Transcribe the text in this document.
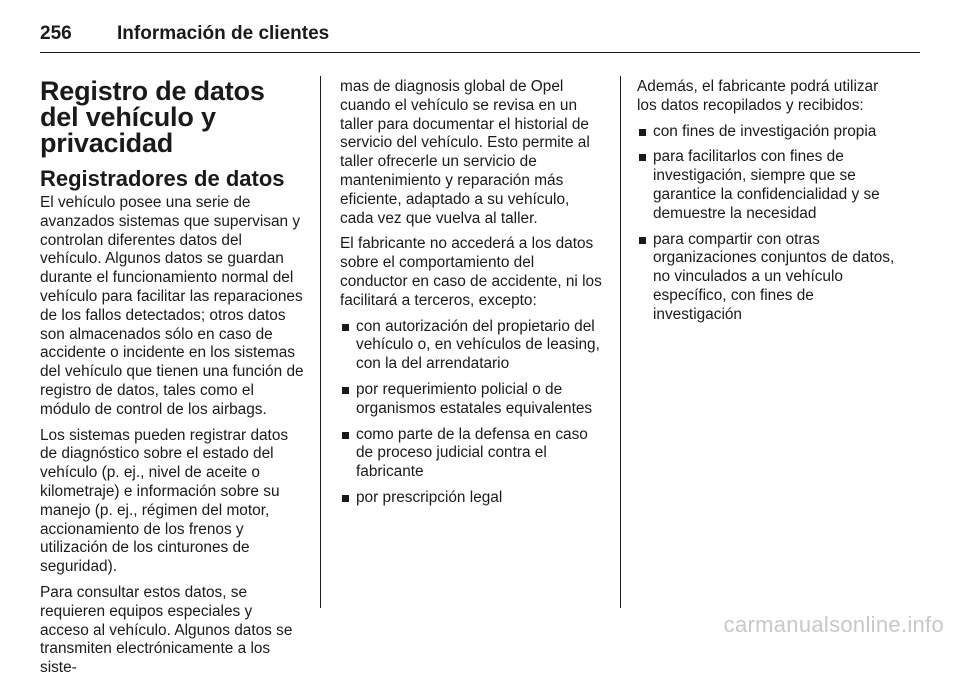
256	Información de clientes
Registro de datos del vehículo y privacidad
Registradores de datos

El vehículo posee una serie de avanzados sistemas que supervisan y controlan diferentes datos del vehículo. Algunos datos se guardan durante el funcionamiento normal del vehículo para facilitar las reparaciones de los fallos detectados; otros datos son almacenados sólo en caso de accidente o incidente en los sistemas del vehículo que tienen una función de registro de datos, tales como el módulo de control de los airbags.

Los sistemas pueden registrar datos de diagnóstico sobre el estado del vehículo (p. ej., nivel de aceite o kilometraje) e información sobre su manejo (p. ej., régimen del motor, accionamiento de los frenos y utilización de los cinturones de seguridad).

Para consultar estos datos, se requieren equipos especiales y acceso al vehículo. Algunos datos se transmiten electrónicamente a los siste-

mas de diagnosis global de Opel cuando el vehículo se revisa en un taller para documentar el historial de servicio del vehículo. Esto permite al taller ofrecerle un servicio de mantenimiento y reparación más eficiente, adaptado a su vehículo, cada vez que vuelva al taller.

El fabricante no accederá a los datos sobre el comportamiento del conductor en caso de accidente, ni los facilitará a terceros, excepto:

con autorización del propietario del vehículo o, en vehículos de leasing, con la del arrendatario
por requerimiento policial o de organismos estatales equivalentes
como parte de la defensa en caso de proceso judicial contra el fabricante
por prescripción legal

Además, el fabricante podrá utilizar los datos recopilados y recibidos:

con fines de investigación propia
para facilitarlos con fines de investigación, siempre que se garantice la confidencialidad y se demuestre la necesidad
para compartir con otras organizaciones conjuntos de datos, no vinculados a un vehículo específico, con fines de investigación
carmanualsonline.info
